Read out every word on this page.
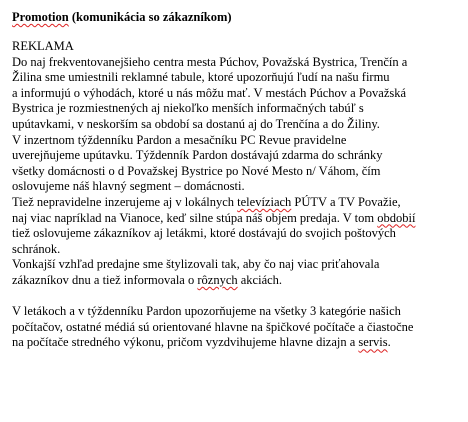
Promotion (komunikácia so zákazníkom)

REKLAMA

Do naj frekventovanejšieho centra mesta Púchov, Považská Bystrica, Trenčín a

Žilina sme umiestnili reklamné tabule, ktoré upozorňujú ľudí na našu firmu

a informujú o výhodách, ktoré u nás môžu mať. V mestách Púchov a Považská

Bystrica je rozmiestnených aj niekoľko menších informačných tabúľ s

upútavkami, v neskorším sa období sa dostanú aj do Trenčína a do Žiliny.

V inzertnom týždenníku Pardon a mesačníku PC Revue pravidelne

uverejňujeme upútavku. Týždenník Pardon dostávajú zdarma do schránky

všetky domácnosti o d Považskej Bystrice po Nové Mesto n/ Váhom, čím

oslovujeme náš hlavný segment – domácnosti.

Tiež nepravidelne inzerujeme aj v lokálnych televíziach PÚTV a TV Považie,

naj viac napríklad na Vianoce, keď silne stúpa náš objem predaja. V tom obdobií

tiež oslovujeme zákazníkov aj letákmi, ktoré dostávajú do svojich poštových

schránok.

Vonkajší vzhľad predajne sme štylizovali tak, aby čo naj viac priťahovala

zákazníkov dnu a tiež informovala o rôznych akciách.

V letákoch a v týždenníku Pardon upozorňujeme na všetky 3 kategórie našich

počítačov, ostatné médiá sú orientované hlavne na špičkové počítače a čiastočne

na počítače stredného výkonu, pričom vyzdvihujeme hlavne dizajn a servis.
